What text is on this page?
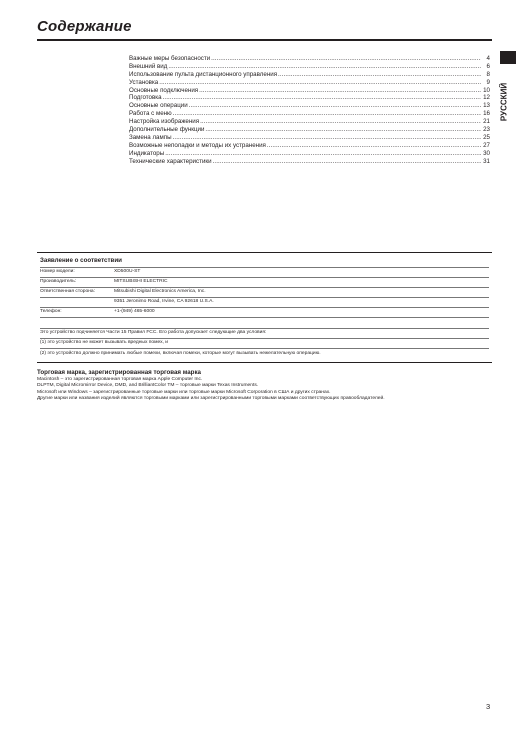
Содержание
РУССКИЙ
Важные меры безопасности .....	4
Внешний вид .....	6
Использование пульта дистанционного управления .....	8
Установка .....	9
Основные подключения .....	10
Подготовка .....	12
Основные операции .....	13
Работа с меню .....	16
Настройка изображения .....	21
Дополнительные функции .....	23
Замена лампы .....	25
Возможные неполадки и методы их устранения .....	27
Индикаторы .....	30
Технические характеристики .....	31
Заявление о соответствии
Номер модели:	XD500U-ST
Производитель:	MITSUBISHI ELECTRIC
Ответственная сторона:	Mitsubishi Digital Electronics America, Inc.
9351 Jeronimo Road, Irvine, CA 92618 U.S.A.
Телефон:	+1-(949) 465-6000
Это устройство подчиняется Части 15 Правил FCC. Его работа допускает следующие два условия:
(1) это устройство не может вызывать вредных помех, и
(2) это устройство должно принимать любые помехи, включая помехи, которые могут вызывать нежелательную операцию.
Торговая марка, зарегистрированная торговая марка
Macintosh – это зарегистрированная торговая марка Apple Computer Inc.
DLPTM, Digital Micromirror Device, DMD, and BrilliantColor TM – торговые марки Texas Instruments.
Microsoft или Windows – зарегистрированные торговые марки или торговые марки Microsoft Corporation в США и других странах.
Другие марки или названия изделий являются торговыми марками или зарегистрированными торговыми марками соответствующих правообладателей.
3
